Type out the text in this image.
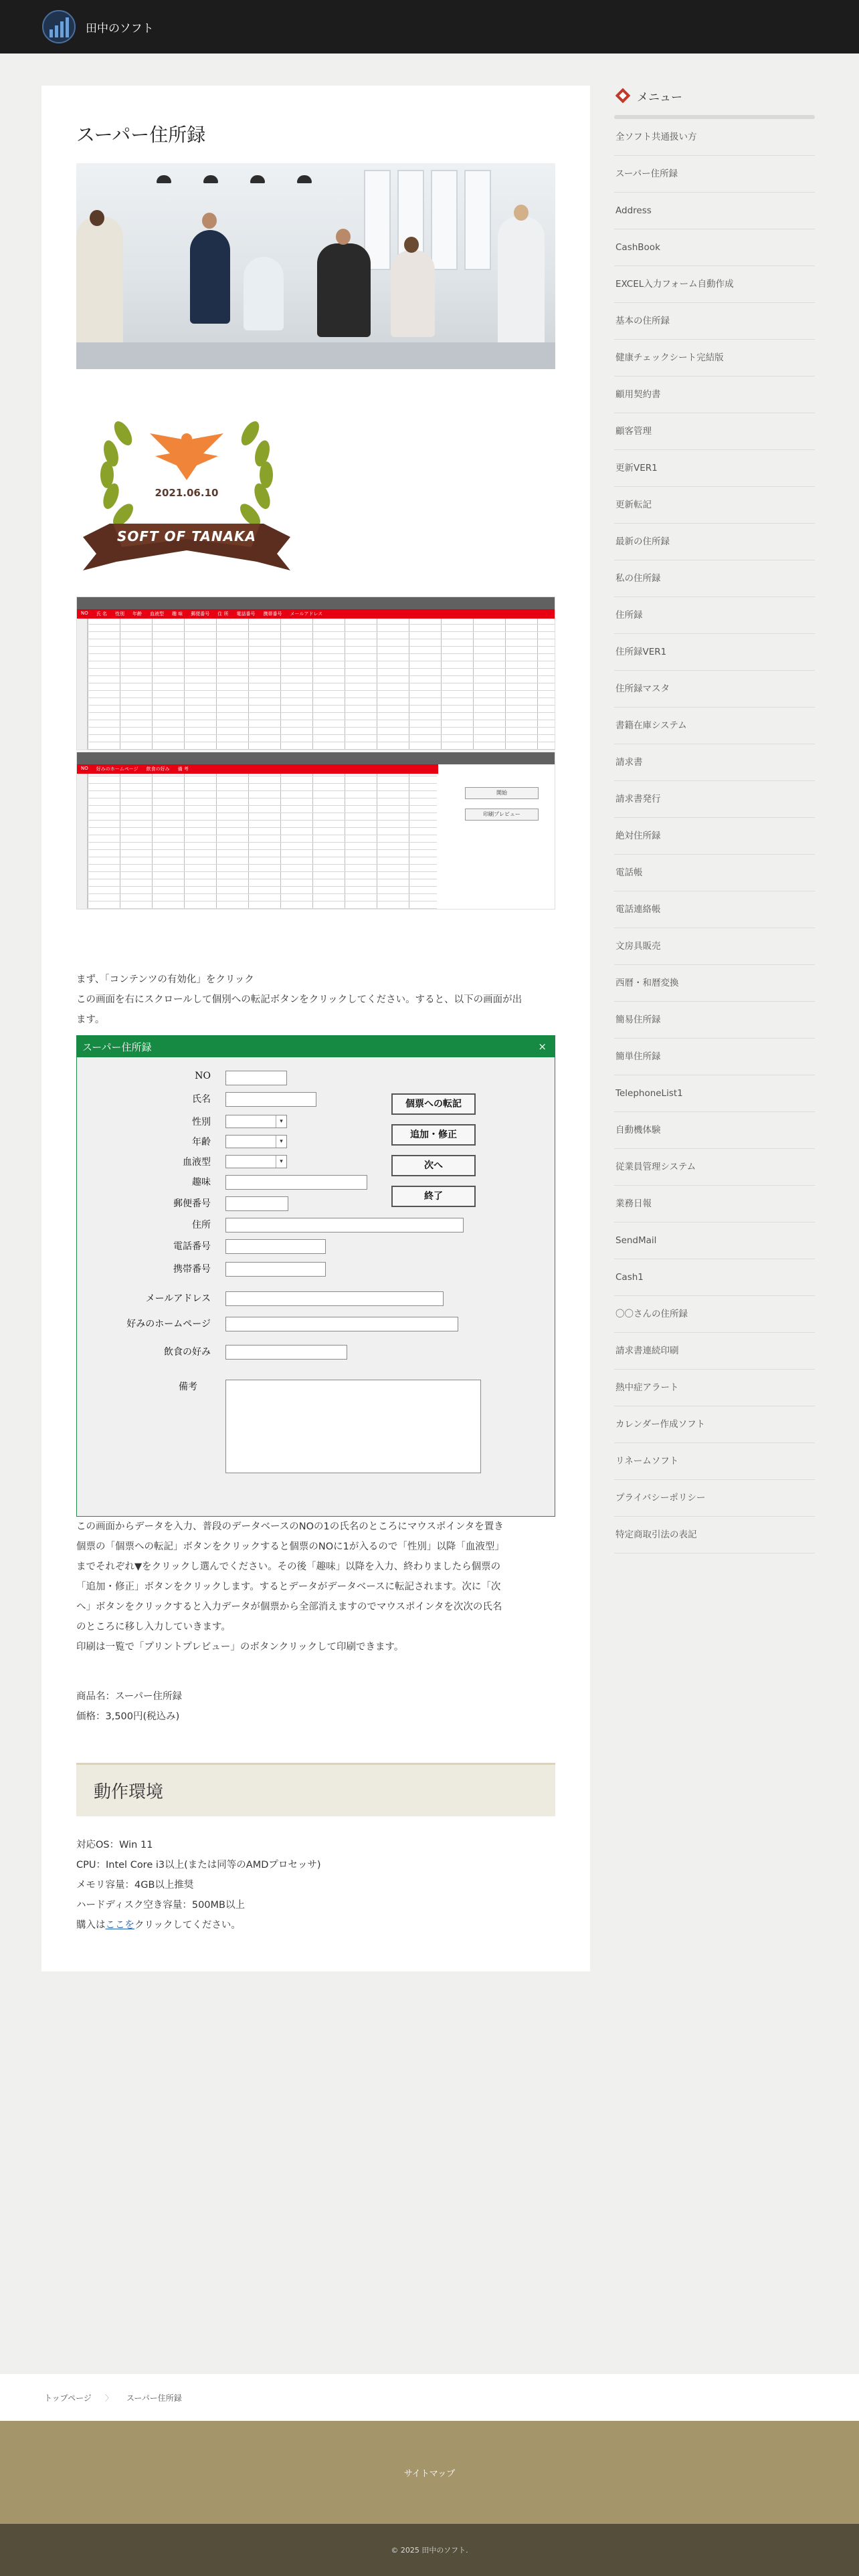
田中のソフト
スーパー住所録
2021.06.10
SOFT OF TANAKA
NO	氏 名	性別	年齢	血液型	趣 味	郵便番号	住 所	電話番号	携帯番号	メールアドレス
NO	好みのホームページ	飲食の好み	備 考
開始
印刷プレビュー
まず、「コンテンツの有効化」をクリック
この画面を右にスクロールして個別への転記ボタンをクリックしてください。すると、以下の画面が出
ます。
スーパー住所録	×
NO
氏名
性別	▾
年齢	▾
血液型	▾
趣味
郵便番号
住所
電話番号
携帯番号
メールアドレス
好みのホームページ
飲食の好み
備考
個票への転記
追加・修正
次へ
終了
この画面からデータを入力、普段のデータベースのNOの1の氏名のところにマウスポインタを置き
個票の「個票への転記」ボタンをクリックすると個票のNOに1が入るので「性別」以降「血液型」
までそれぞれ▼をクリックし選んでください。その後「趣味」以降を入力、終わりましたら個票の
「追加・修正」ボタンをクリックします。するとデータがデータベースに転記されます。次に「次
へ」ボタンをクリックすると入力データが個票から全部消えますのでマウスポインタを次次の氏名
のところに移し入力していきます。
印刷は一覧で「プリントプレビュー」のボタンクリックして印刷できます。
商品名：スーパー住所録
価格：3,500円(税込み)
動作環境
対応OS：Win 11
CPU：Intel Core i3以上(または同等のAMDプロセッサ)
メモリ容量：4GB以上推奨
ハードディスク空き容量：500MB以上
購入はここをクリックしてください。
メニュー
全ソフト共通扱い方
スーパー住所録
Address
CashBook
EXCEL入力フォーム自動作成
基本の住所録
健康チェックシート完結版
顧用契約書
顧客管理
更新VER1
更新転記
最新の住所録
私の住所録
住所録
住所録VER1
住所録マスタ
書籍在庫システム
請求書
請求書発行
絶対住所録
電話帳
電話連絡帳
文房具販売
西暦・和暦変換
簡易住所録
簡単住所録
TelephoneList1
自動機体験
従業員管理システム
業務日報
SendMail
Cash1
〇〇さんの住所録
請求書連続印刷
熱中症アラート
カレンダー作成ソフト
リネームソフト
プライバシーポリシー
特定商取引法の表記
トップページ 〉 スーパー住所録
サイトマップ
© 2025 田中のソフト.
